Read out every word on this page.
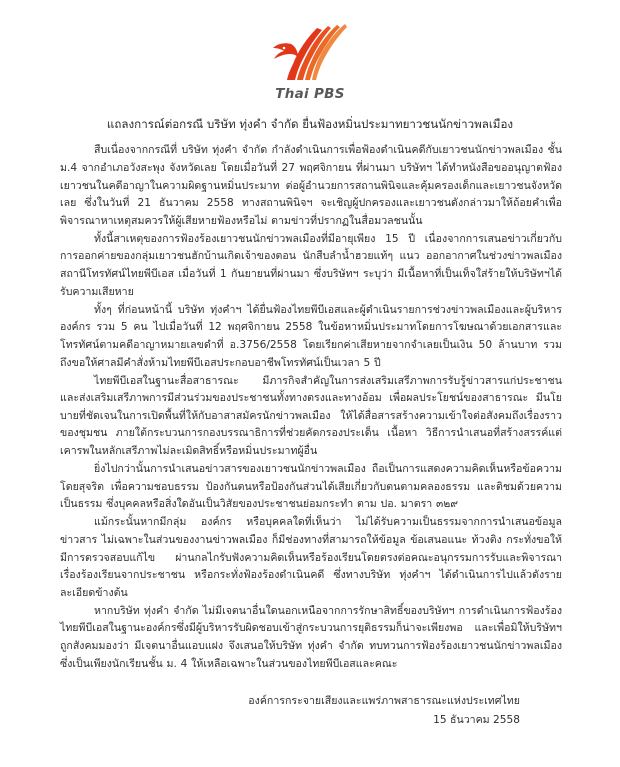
Thai PBS
แถลงการณ์ต่อกรณี บริษัท ทุ่งคำ จำกัด ยื่นฟ้องหมิ่นประมาทยาวชนนักข่าวพลเมือง

สืบเนื่องจากกรณีที่ บริษัท ทุ่งคำ จำกัด กำลังดำเนินการเพื่อฟ้องดำเนินคดีกับเยาวชนนักข่าวพลเมือง ชั้น ม.4 จากอำเภอวังสะพุง จังหวัดเลย โดยเมื่อวันที่ 27 พฤศจิกายน ที่ผ่านมา บริษัทฯ ได้ทำหนังสือขออนุญาตฟ้องเยาวชนในคดีอาญาในความผิดฐานหมิ่นประมาท ต่อผู้อำนวยการสถานพินิจและคุ้มครองเด็กและเยาวชนจังหวัดเลย ซึ่งในวันที่ 21 ธันวาคม 2558 ทางสถานพินิจฯ จะเชิญผู้ปกครองและเยาวชนดังกล่าวมาให้ถ้อยคำเพื่อพิจารณาหาเหตุสมควรให้ผู้เสียหายฟ้องหรือไม่ ตามข่าวที่ปรากฏในสื่อมวลชนนั้น

ทั้งนี้สาเหตุของการฟ้องร้องเยาวชนนักข่าวพลเมืองที่มีอายุเพียง 15 ปี เนื่องจากการเสนอข่าวเกี่ยวกับการออกค่ายของกลุ่มเยาวชนฮักบ้านเกิดเจ้าของตอน นักสืบลำน้ำฮวยแท้ๆ แนว ออกอากาศในช่วงข่าวพลเมือง สถานีโทรทัศน์ไทยพีบีเอส เมื่อวันที่ 1 กันยายนที่ผ่านมา ซึ่งบริษัทฯ ระบุว่า มีเนื้อหาที่เป็นเท็จใส่ร้ายให้บริษัทฯได้รับความเสียหาย

ทั้งๆ ที่ก่อนหน้านี้ บริษัท ทุ่งคำฯ ได้ยื่นฟ้องไทยพีบีเอสและผู้ดำเนินรายการช่วงข่าวพลเมืองและผู้บริหารองค์กร รวม 5 คน ไปเมื่อวันที่ 12 พฤศจิกายน 2558 ในข้อหาหมิ่นประมาทโดยการโฆษณาด้วยเอกสารและโทรทัศน์ตามคดีอาญาหมายเลขดำที่ อ.3756/2558 โดยเรียกค่าเสียหายจากจำเลยเป็นเงิน 50 ล้านบาท รวมถึงขอให้ศาลมีคำสั่งห้ามไทยพีบีเอสประกอบอาชีพโทรทัศน์เป็นเวลา 5 ปี

ไทยพีบีเอสในฐานะสื่อสาธารณะ มีภารกิจสำคัญในการส่งเสริมเสรีภาพการรับรู้ข่าวสารแก่ประชาชน และส่งเสริมเสรีภาพการมีส่วนร่วมของประชาชนทั้งทางตรงและทางอ้อม เพื่อผลประโยชน์ของสาธารณะ มีนโยบายที่ชัดเจนในการเปิดพื้นที่ให้กับอาสาสมัครนักข่าวพลเมือง ให้ได้สื่อสารสร้างความเข้าใจต่อสังคมถึงเรื่องราวของชุมชน ภายใต้กระบวนการกองบรรณาธิการที่ช่วยคัดกรองประเด็น เนื้อหา วิธีการนำเสนอที่สร้างสรรค์แต่เคารพในหลักเสรีภาพไม่ละเมิดสิทธิ์หรือหมิ่นประมาทผู้อื่น

ยิ่งไปกว่านั้นการนำเสนอข่าวสารของเยาวชนนักข่าวพลเมือง ถือเป็นการแสดงความคิดเห็นหรือข้อความโดยสุจริต เพื่อความชอบธรรม ป้องกันตนหรือป้องกันส่วนได้เสียเกี่ยวกับตนตามคลองธรรม และติชมด้วยความเป็นธรรม ซึ่งบุคคลหรือสิ่งใดอันเป็นวิสัยของประชาชนย่อมกระทำ ตาม ปอ. มาตรา ๓๒๙

แม้กระนั้นหากมีกลุ่ม องค์กร หรือบุคคลใดที่เห็นว่า ไม่ได้รับความเป็นธรรมจากการนำเสนอข้อมูล ข่าวสาร ไม่เฉพาะในส่วนของงานข่าวพลเมือง ก็มีช่องทางที่สามารถให้ข้อมูล ข้อเสนอแนะ ท้วงติง กระทั่งขอให้มีการตรวจสอบแก้ไข ผ่านกลไกรับฟังความคิดเห็นหรือร้องเรียนโดยตรงต่อคณะอนุกรรมการรับและพิจารณาเรื่องร้องเรียนจากประชาชน หรือกระทั่งฟ้องร้องดำเนินคดี ซึ่งทางบริษัท ทุ่งคำฯ ได้ดำเนินการไปแล้วดังรายละเอียดข้างต้น

หากบริษัท ทุ่งคำ จำกัด ไม่มีเจตนาอื่นใดนอกเหนือจากการรักษาสิทธิ์ของบริษัทฯ การดำเนินการฟ้องร้องไทยพีบีเอสในฐานะองค์กรซึ่งมีผู้บริหารรับผิดชอบเข้าสู่กระบวนการยุติธรรมก็น่าจะเพียงพอ และเพื่อมิให้บริษัทฯ ถูกสังคมมองว่า มีเจตนาอื่นแอบแฝง จึงเสนอให้บริษัท ทุ่งคำ จำกัด ทบทวนการฟ้องร้องเยาวชนนักข่าวพลเมืองซึ่งเป็นเพียงนักเรียนชั้น ม. 4 ให้เหลือเฉพาะในส่วนของไทยพีบีเอสและคณะ

องค์การกระจายเสียงและแพร่ภาพสาธารณะแห่งประเทศไทย
15 ธันวาคม 2558
